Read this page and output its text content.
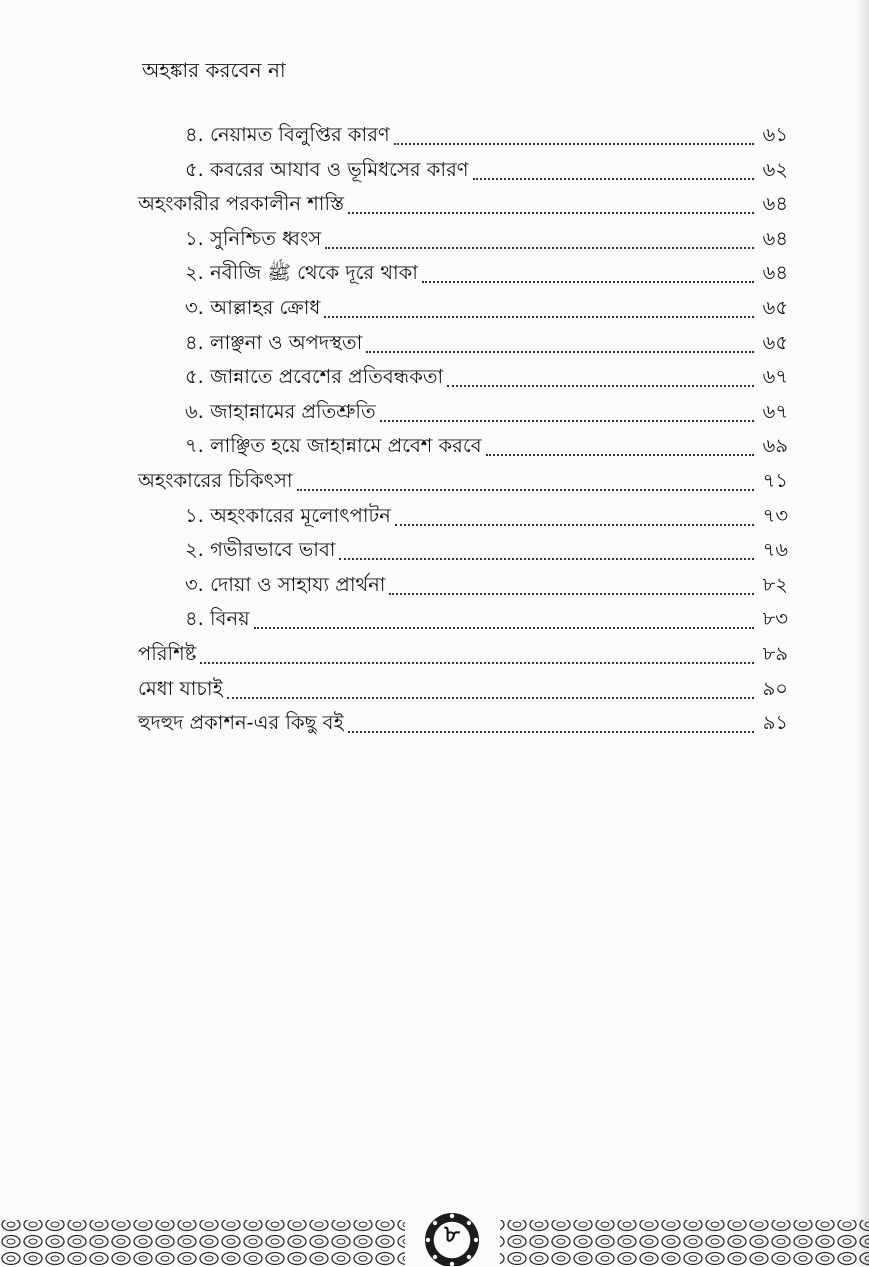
অহঙ্কার করবেন না
৪. নেয়ামত বিলুপ্তির কারণ	৬১
৫. কবরের আযাব ও ভূমিধসের কারণ	৬২
অহংকারীর পরকালীন শাস্তি	৬৪
১. সুনিশ্চিত ধ্বংস	৬৪
২. নবীজি ﷺ থেকে দূরে থাকা	৬৪
৩. আল্লাহর ক্রোধ	৬৫
৪. লাঞ্ছনা ও অপদস্থতা	৬৫
৫. জান্নাতে প্রবেশের প্রতিবন্ধকতা	৬৭
৬. জাহান্নামের প্রতিশ্রুতি	৬৭
৭. লাঞ্ছিত হয়ে জাহান্নামে প্রবেশ করবে	৬৯
অহংকারের চিকিৎসা	৭১
১. অহংকারের মূলোৎপাটন	৭৩
২. গভীরভাবে ভাবা	৭৬
৩. দোয়া ও সাহায্য প্রার্থনা	৮২
৪. বিনয়	৮৩
পরিশিষ্ট	৮৯
মেধা যাচাই	৯০
হুদহুদ প্রকাশন-এর কিছু বই	৯১
৮
